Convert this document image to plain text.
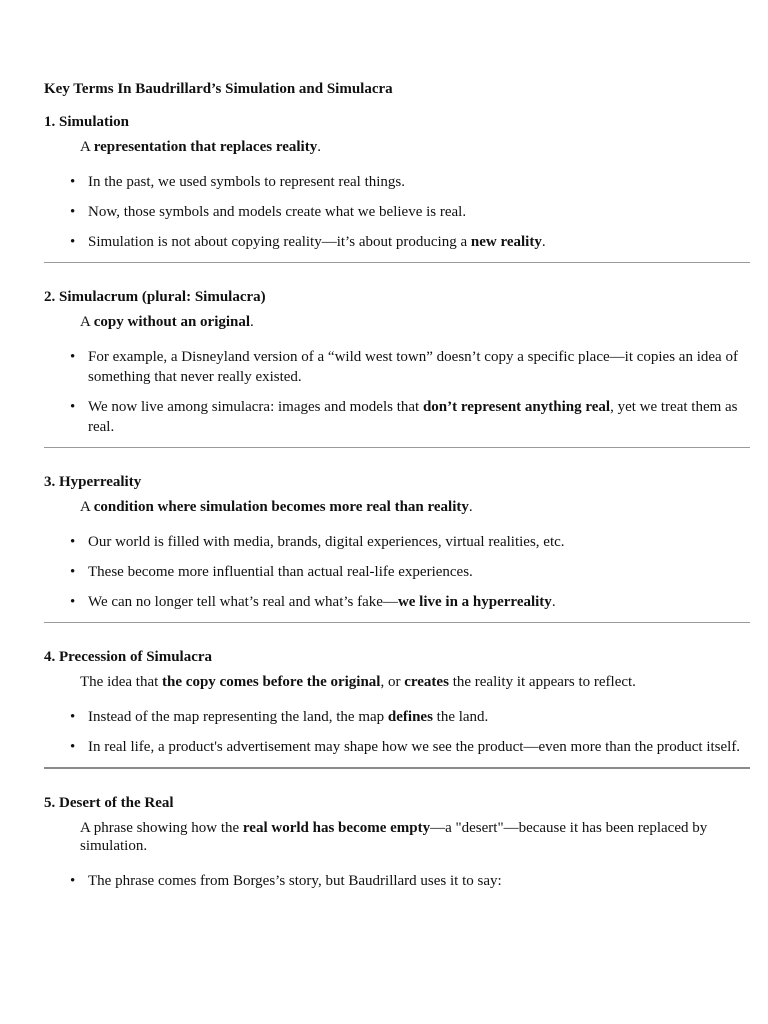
Key Terms In Baudrillard’s Simulation and Simulacra
1. Simulation
A representation that replaces reality.
• In the past, we used symbols to represent real things.
• Now, those symbols and models create what we believe is real.
• Simulation is not about copying reality—it’s about producing a new reality.
2. Simulacrum (plural: Simulacra)
A copy without an original.
• For example, a Disneyland version of a “wild west town” doesn’t copy a specific place—it copies an idea of something that never really existed.
• We now live among simulacra: images and models that don’t represent anything real, yet we treat them as real.
3. Hyperreality
A condition where simulation becomes more real than reality.
• Our world is filled with media, brands, digital experiences, virtual realities, etc.
• These become more influential than actual real-life experiences.
• We can no longer tell what’s real and what’s fake—we live in a hyperreality.
4. Precession of Simulacra
The idea that the copy comes before the original, or creates the reality it appears to reflect.
• Instead of the map representing the land, the map defines the land.
• In real life, a product's advertisement may shape how we see the product—even more than the product itself.
5. Desert of the Real
A phrase showing how the real world has become empty—a "desert"—because it has been replaced by simulation.
• The phrase comes from Borges’s story, but Baudrillard uses it to say:
